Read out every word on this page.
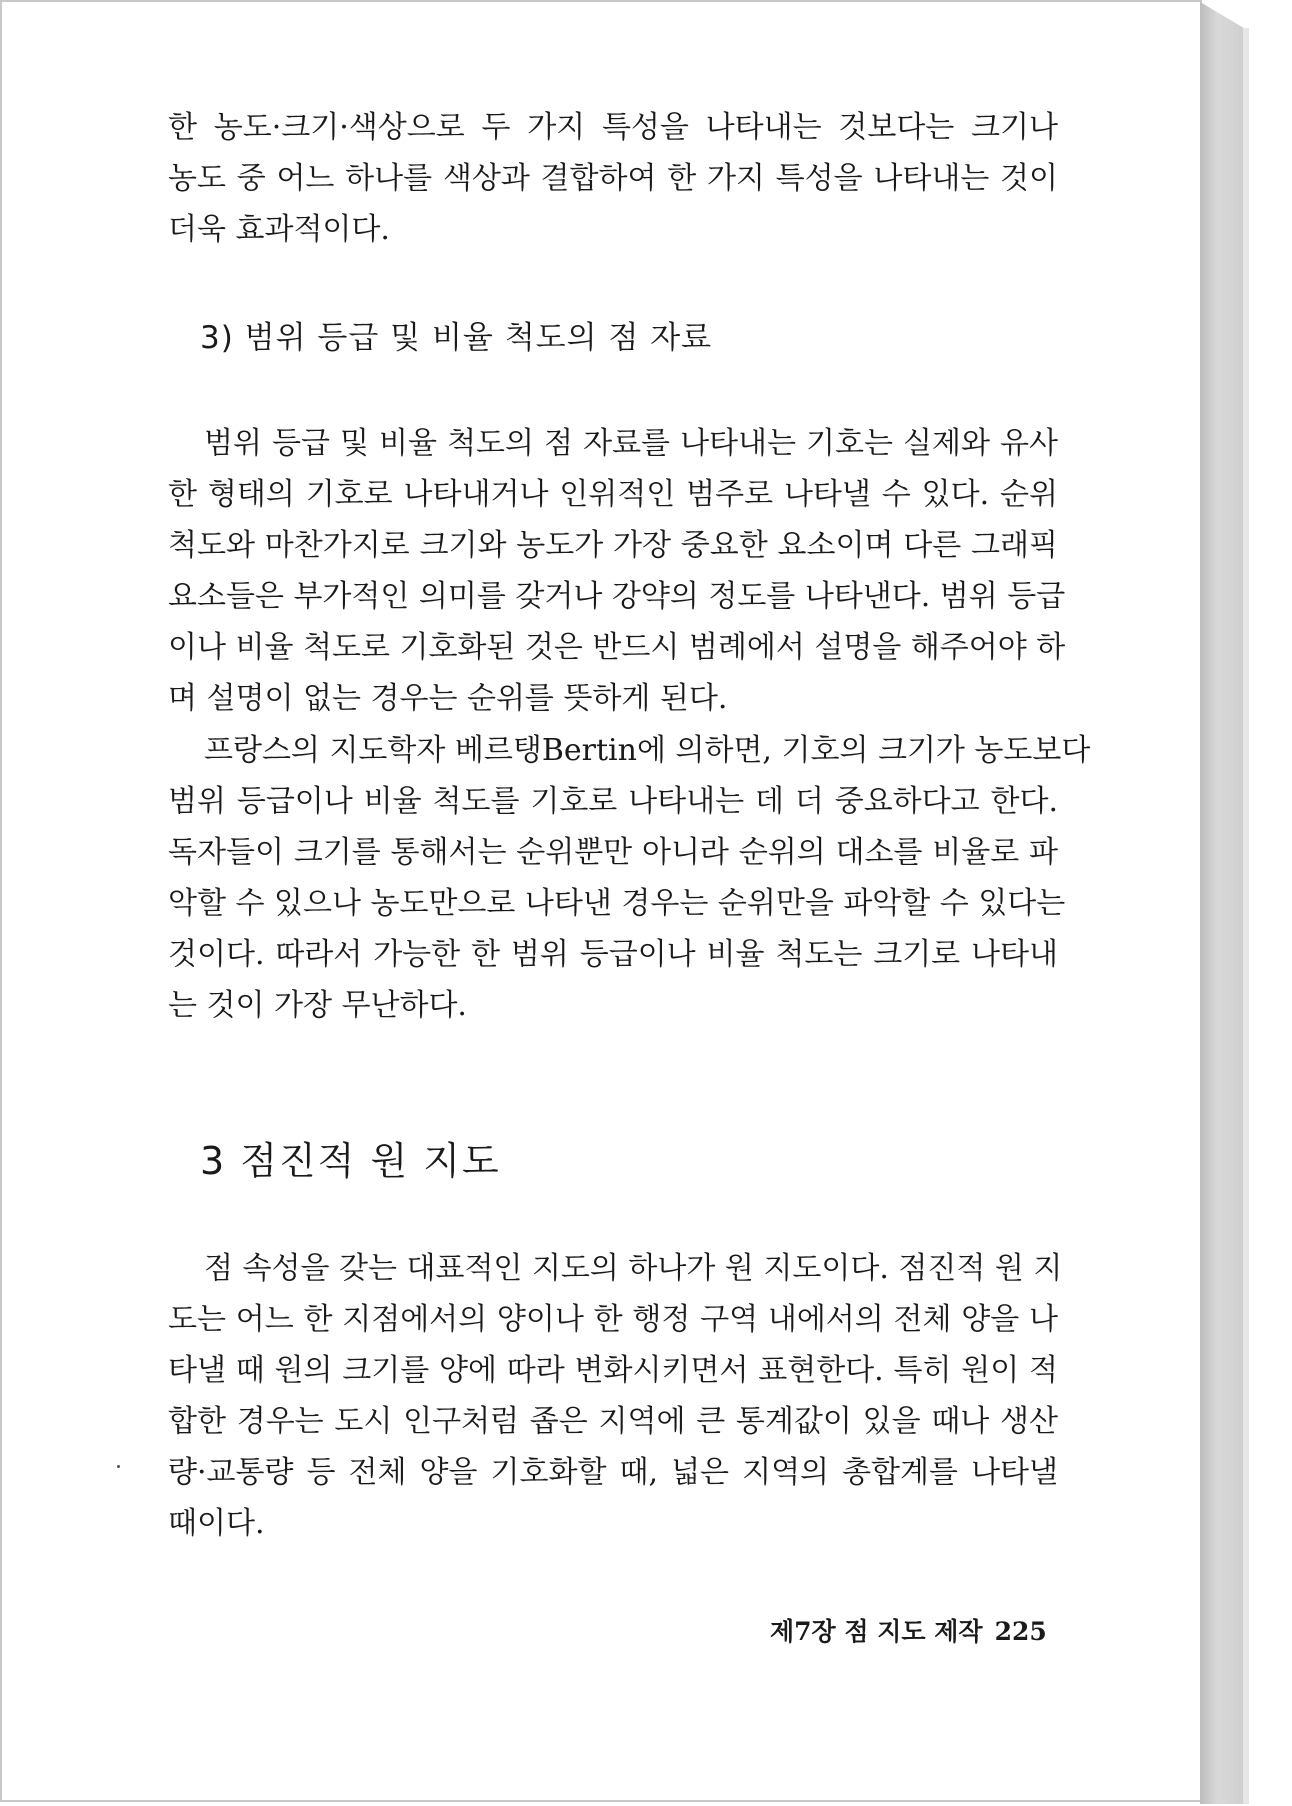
한 농도·크기·색상으로 두 가지 특성을 나타내는 것보다는 크기나
농도 중 어느 하나를 색상과 결합하여 한 가지 특성을 나타내는 것이
더욱 효과적이다.

3) 범위 등급 및 비율 척도의 점 자료

범위 등급 및 비율 척도의 점 자료를 나타내는 기호는 실제와 유사
한 형태의 기호로 나타내거나 인위적인 범주로 나타낼 수 있다. 순위
척도와 마찬가지로 크기와 농도가 가장 중요한 요소이며 다른 그래픽
요소들은 부가적인 의미를 갖거나 강약의 정도를 나타낸다. 범위 등급
이나 비율 척도로 기호화된 것은 반드시 범례에서 설명을 해주어야 하
며 설명이 없는 경우는 순위를 뜻하게 된다.

프랑스의 지도학자 베르탱Bertin에 의하면, 기호의 크기가 농도보다
범위 등급이나 비율 척도를 기호로 나타내는 데 더 중요하다고 한다.
독자들이 크기를 통해서는 순위뿐만 아니라 순위의 대소를 비율로 파
악할 수 있으나 농도만으로 나타낸 경우는 순위만을 파악할 수 있다는
것이다. 따라서 가능한 한 범위 등급이나 비율 척도는 크기로 나타내
는 것이 가장 무난하다.

3 점진적 원 지도

점 속성을 갖는 대표적인 지도의 하나가 원 지도이다. 점진적 원 지
도는 어느 한 지점에서의 양이나 한 행정 구역 내에서의 전체 양을 나
타낼 때 원의 크기를 양에 따라 변화시키면서 표현한다. 특히 원이 적
합한 경우는 도시 인구처럼 좁은 지역에 큰 통계값이 있을 때나 생산
량·교통량 등 전체 양을 기호화할 때, 넓은 지역의 총합계를 나타낼
때이다.

제7장 점 지도 제작 225
